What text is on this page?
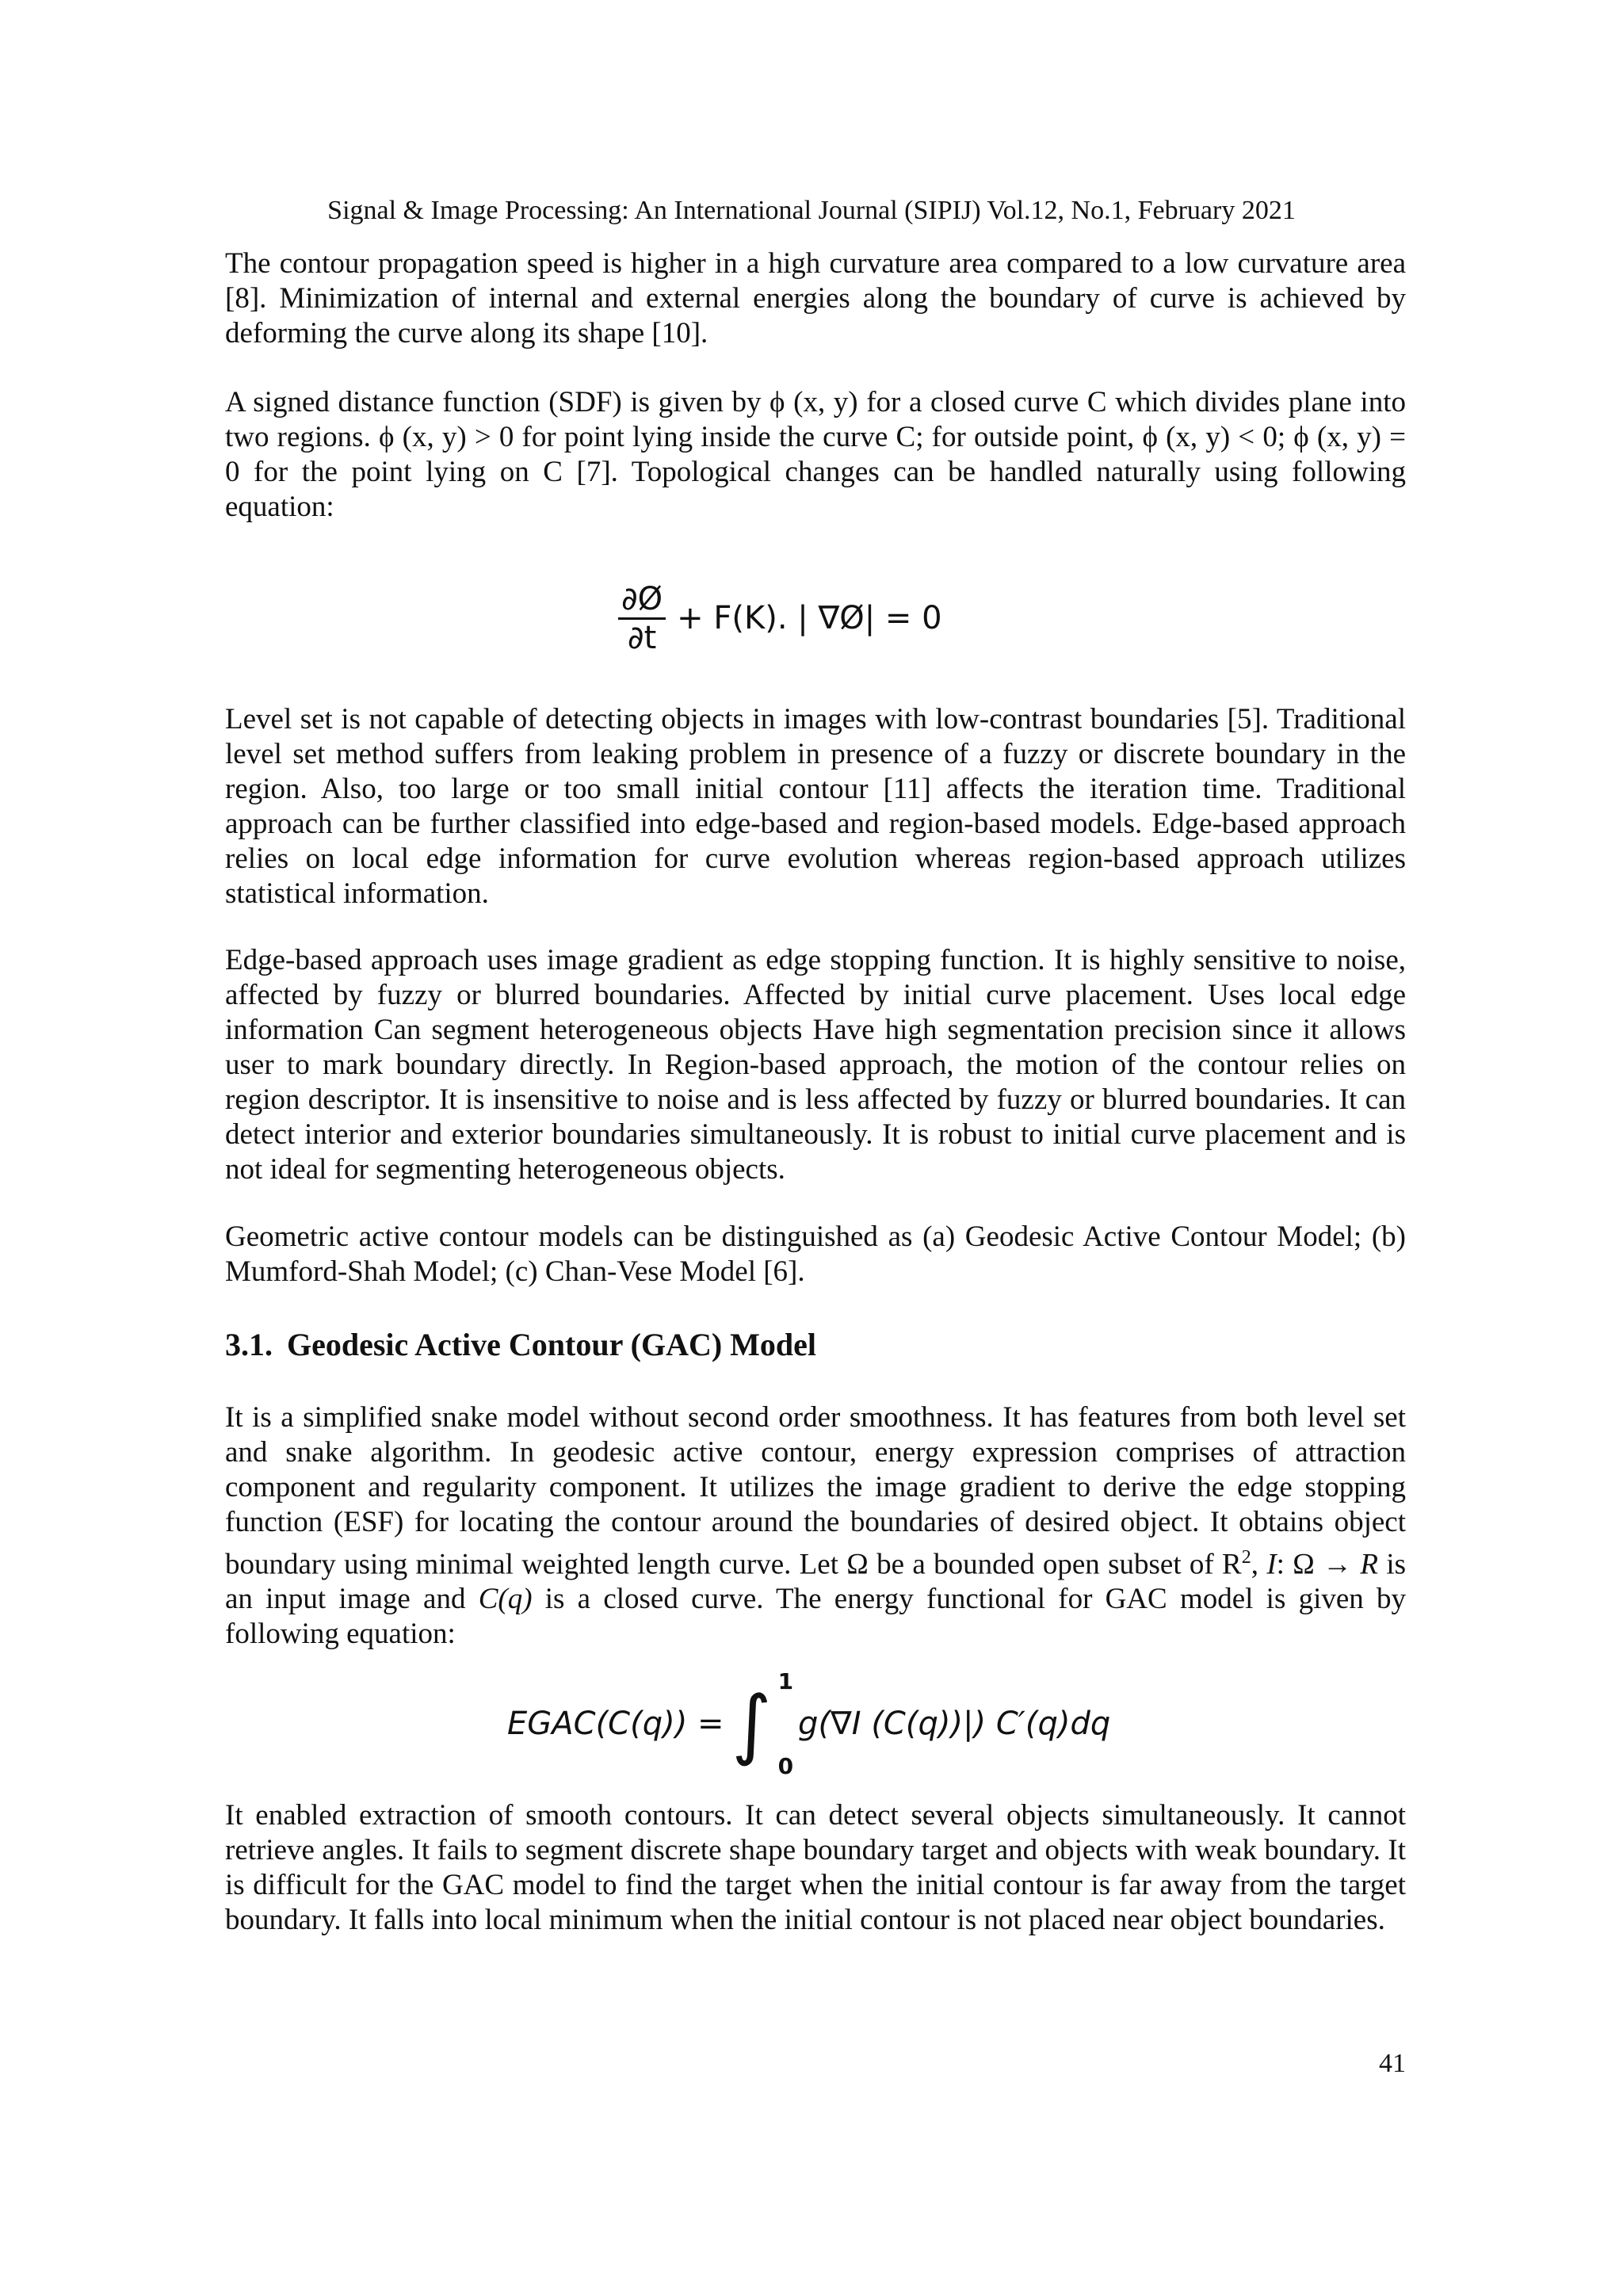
Signal & Image Processing: An International Journal (SIPIJ) Vol.12, No.1, February 2021

The contour propagation speed is higher in a high curvature area compared to a low curvature area [8]. Minimization of internal and external energies along the boundary of curve is achieved by deforming the curve along its shape [10].

A signed distance function (SDF) is given by ϕ (x, y) for a closed curve C which divides plane into two regions. ϕ (x, y) > 0 for point lying inside the curve C; for outside point, ϕ (x, y) < 0; ϕ (x, y) = 0 for the point lying on C [7]. Topological changes can be handled naturally using following equation:

$\frac{\partial Ø}{\partial t} + F(K)$. | ∇Ø| = 0

Level set is not capable of detecting objects in images with low-contrast boundaries [5]. Traditional level set method suffers from leaking problem in presence of a fuzzy or discrete boundary in the region. Also, too large or too small initial contour [11] affects the iteration time. Traditional approach can be further classified into edge-based and region-based models. Edge-based approach relies on local edge information for curve evolution whereas region-based approach utilizes statistical information.

Edge-based approach uses image gradient as edge stopping function. It is highly sensitive to noise, affected by fuzzy or blurred boundaries. Affected by initial curve placement. Uses local edge information Can segment heterogeneous objects Have high segmentation precision since it allows user to mark boundary directly. In Region-based approach, the motion of the contour relies on region descriptor. It is insensitive to noise and is less affected by fuzzy or blurred boundaries. It can detect interior and exterior boundaries simultaneously. It is robust to initial curve placement and is not ideal for segmenting heterogeneous objects.

Geometric active contour models can be distinguished as (a) Geodesic Active Contour Model; (b) Mumford-Shah Model; (c) Chan-Vese Model [6].

3.1. Geodesic Active Contour (GAC) Model

It is a simplified snake model without second order smoothness. It has features from both level set and snake algorithm. In geodesic active contour, energy expression comprises of attraction component and regularity component. It utilizes the image gradient to derive the edge stopping function (ESF) for locating the contour around the boundaries of desired object. It obtains object boundary using minimal weighted length curve. Let Ω be a bounded open subset of $R^2$, I: Ω → R is an input image and C(q) is a closed curve. The energy functional for GAC model is given by following equation:

EGAC(C(q)) = ∫ 1
0
g(∇I (C(q))|) C′(q)dq

It enabled extraction of smooth contours. It can detect several objects simultaneously. It cannot retrieve angles. It fails to segment discrete shape boundary target and objects with weak boundary. It is difficult for the GAC model to find the target when the initial contour is far away from the target boundary. It falls into local minimum when the initial contour is not placed near object boundaries.

41
